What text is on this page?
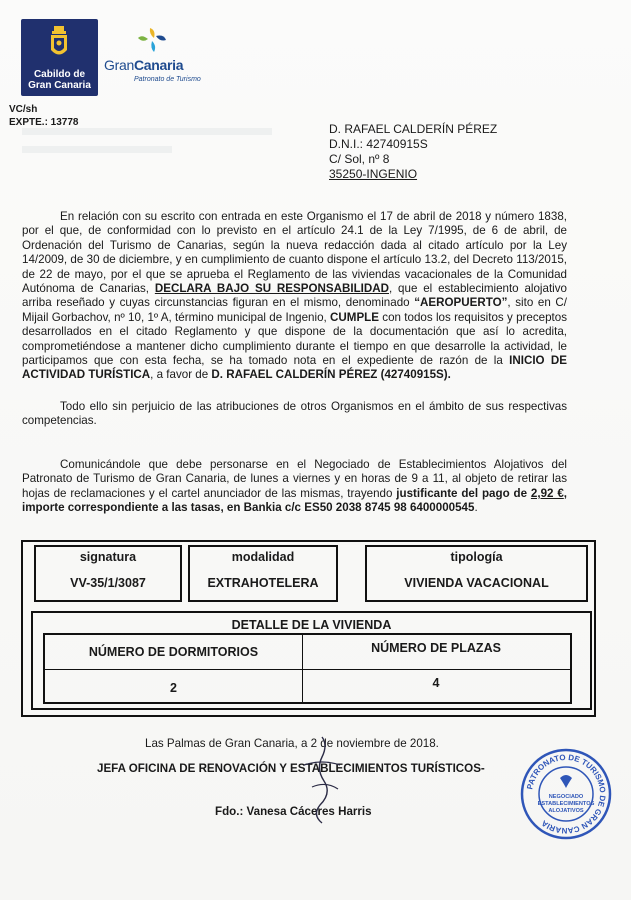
Cabildo de
Gran Canaria
GranCanaria
Patronato de Turismo
VC/sh
EXPTE.: 13778	D. RAFAEL CALDERÍN PÉREZ
D.N.I.: 42740915S
C/ Sol, nº 8
35250-INGENIO
En relación con su escrito con entrada en este Organismo el 17 de abril de 2018 y número 1838, por el que, de conformidad con lo previsto en el artículo 24.1 de la Ley 7/1995, de 6 de abril, de Ordenación del Turismo de Canarias, según la nueva redacción dada al citado artículo por la Ley 14/2009, de 30 de diciembre, y en cumplimiento de cuanto dispone el artículo 13.2, del Decreto 113/2015, de 22 de mayo, por el que se aprueba el Reglamento de las viviendas vacacionales de la Comunidad Autónoma de Canarias, DECLARA BAJO SU RESPONSABILIDAD, que el establecimiento alojativo arriba reseñado y cuyas circunstancias figuran en el mismo, denominado “AEROPUERTO”, sito en C/ Mijail Gorbachov, nº 10, 1º A, término municipal de Ingenio, CUMPLE con todos los requisitos y preceptos desarrollados en el citado Reglamento y que dispone de la documentación que así lo acredita, comprometiéndose a mantener dicho cumplimiento durante el tiempo en que desarrolle la actividad, le participamos que con esta fecha, se ha tomado nota en el expediente de razón de la INICIO DE ACTIVIDAD TURÍSTICA, a favor de D. RAFAEL CALDERÍN PÉREZ (42740915S).
Todo ello sin perjuicio de las atribuciones de otros Organismos en el ámbito de sus respectivas competencias.
Comunicándole que debe personarse en el Negociado de Establecimientos Alojativos del Patronato de Turismo de Gran Canaria, de lunes a viernes y en horas de 9 a 11, al objeto de retirar las hojas de reclamaciones y el cartel anunciador de las mismas, trayendo justificante del pago de 2,92 €, importe correspondiente a las tasas, en Bankia c/c ES50 2038 8745 98 6400000545.
signatura
VV-35/1/3087
modalidad
EXTRAHOTELERA
tipología
VIVIENDA VACACIONAL
DETALLE DE LA VIVIENDA
NÚMERO DE DORMITORIOS	NÚMERO DE PLAZAS
2	4
Las Palmas de Gran Canaria, a 2 de noviembre de 2018.
JEFA OFICINA DE RENOVACIÓN Y ESTABLECIMIENTOS TURÍSTICOS-
Fdo.: Vanesa Cáceres Harris
PATRONATO DE TURISMO DE GRAN CANARIA
NEGOCIADO
ESTABLECIMIENTOS
ALOJATIVOS
